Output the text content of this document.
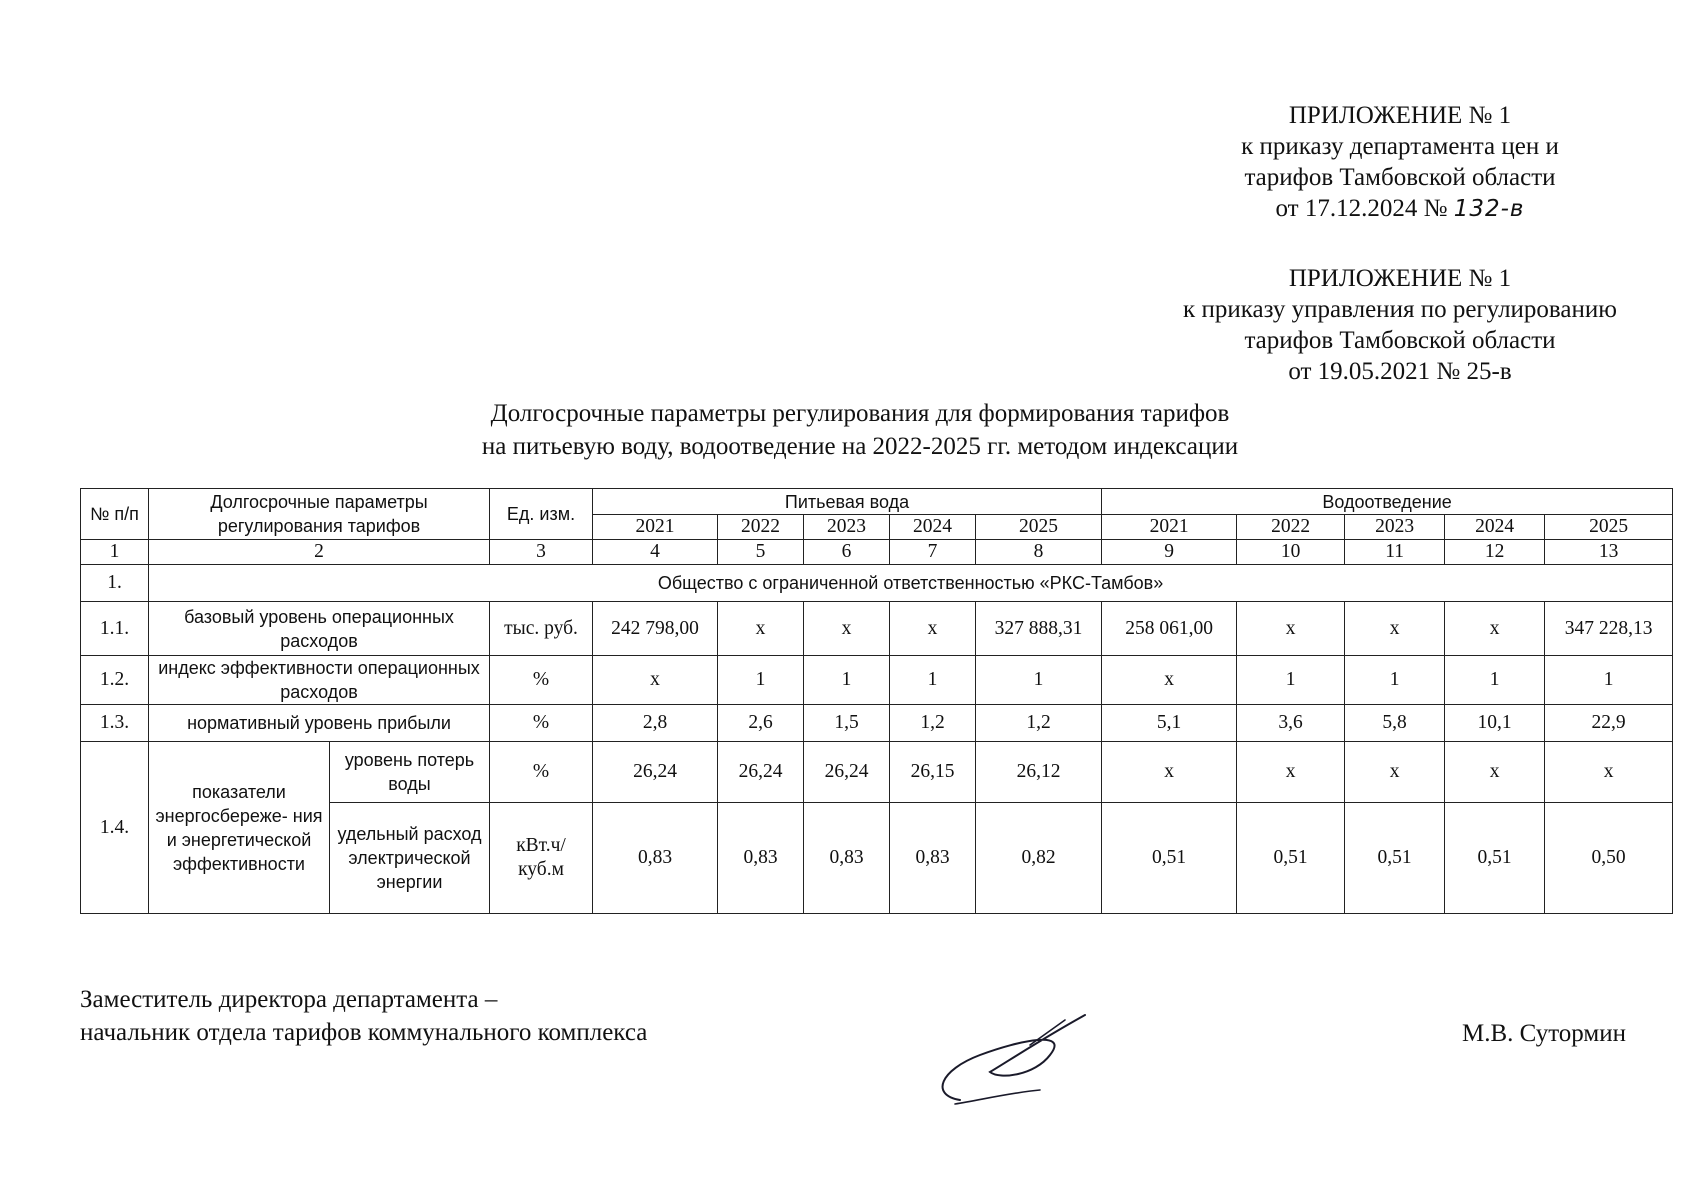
ПРИЛОЖЕНИЕ № 1
к приказу департамента цен и
тарифов Тамбовской области
от 17.12.2024 № 132-в
ПРИЛОЖЕНИЕ № 1
к приказу управления по регулированию
тарифов Тамбовской области
от 19.05.2021 № 25-в
Долгосрочные параметры регулирования для формирования тарифов
на питьевую воду, водоотведение на 2022-2025 гг. методом индексации
№ п/п	Долгосрочные параметры регулирования тарифов		Ед. изм.	Питьевая вода					Водоотведение				
				2021	2022	2023	2024	2025	2021	2022	2023	2024	2025
1	2		3	4	5	6	7	8	9	10	11	12	13
1.	Общество с ограниченной ответственностью «РКС-Тамбов»												
1.1.	базовый уровень операционных расходов		тыс. руб.	242 798,00	х	х	х	327 888,31	258 061,00	х	х	х	347 228,13
1.2.	индекс эффективности операционных расходов		%	х	1	1	1	1	х	1	1	1	1
1.3.	нормативный уровень прибыли		%	2,8	2,6	1,5	1,2	1,2	5,1	3,6	5,8	10,1	22,9
1.4.	показатели энергосбереже- ния и энергетической эффективности	уровень потерь воды	%	26,24	26,24	26,24	26,15	26,12	х	х	х	х	х
		удельный расход электрической энергии	кВт.ч/ куб.м	0,83	0,83	0,83	0,83	0,82	0,51	0,51	0,51	0,51	0,50
Заместитель директора департамента –
начальник отдела тарифов коммунального комплекса	М.В. Сутормин
